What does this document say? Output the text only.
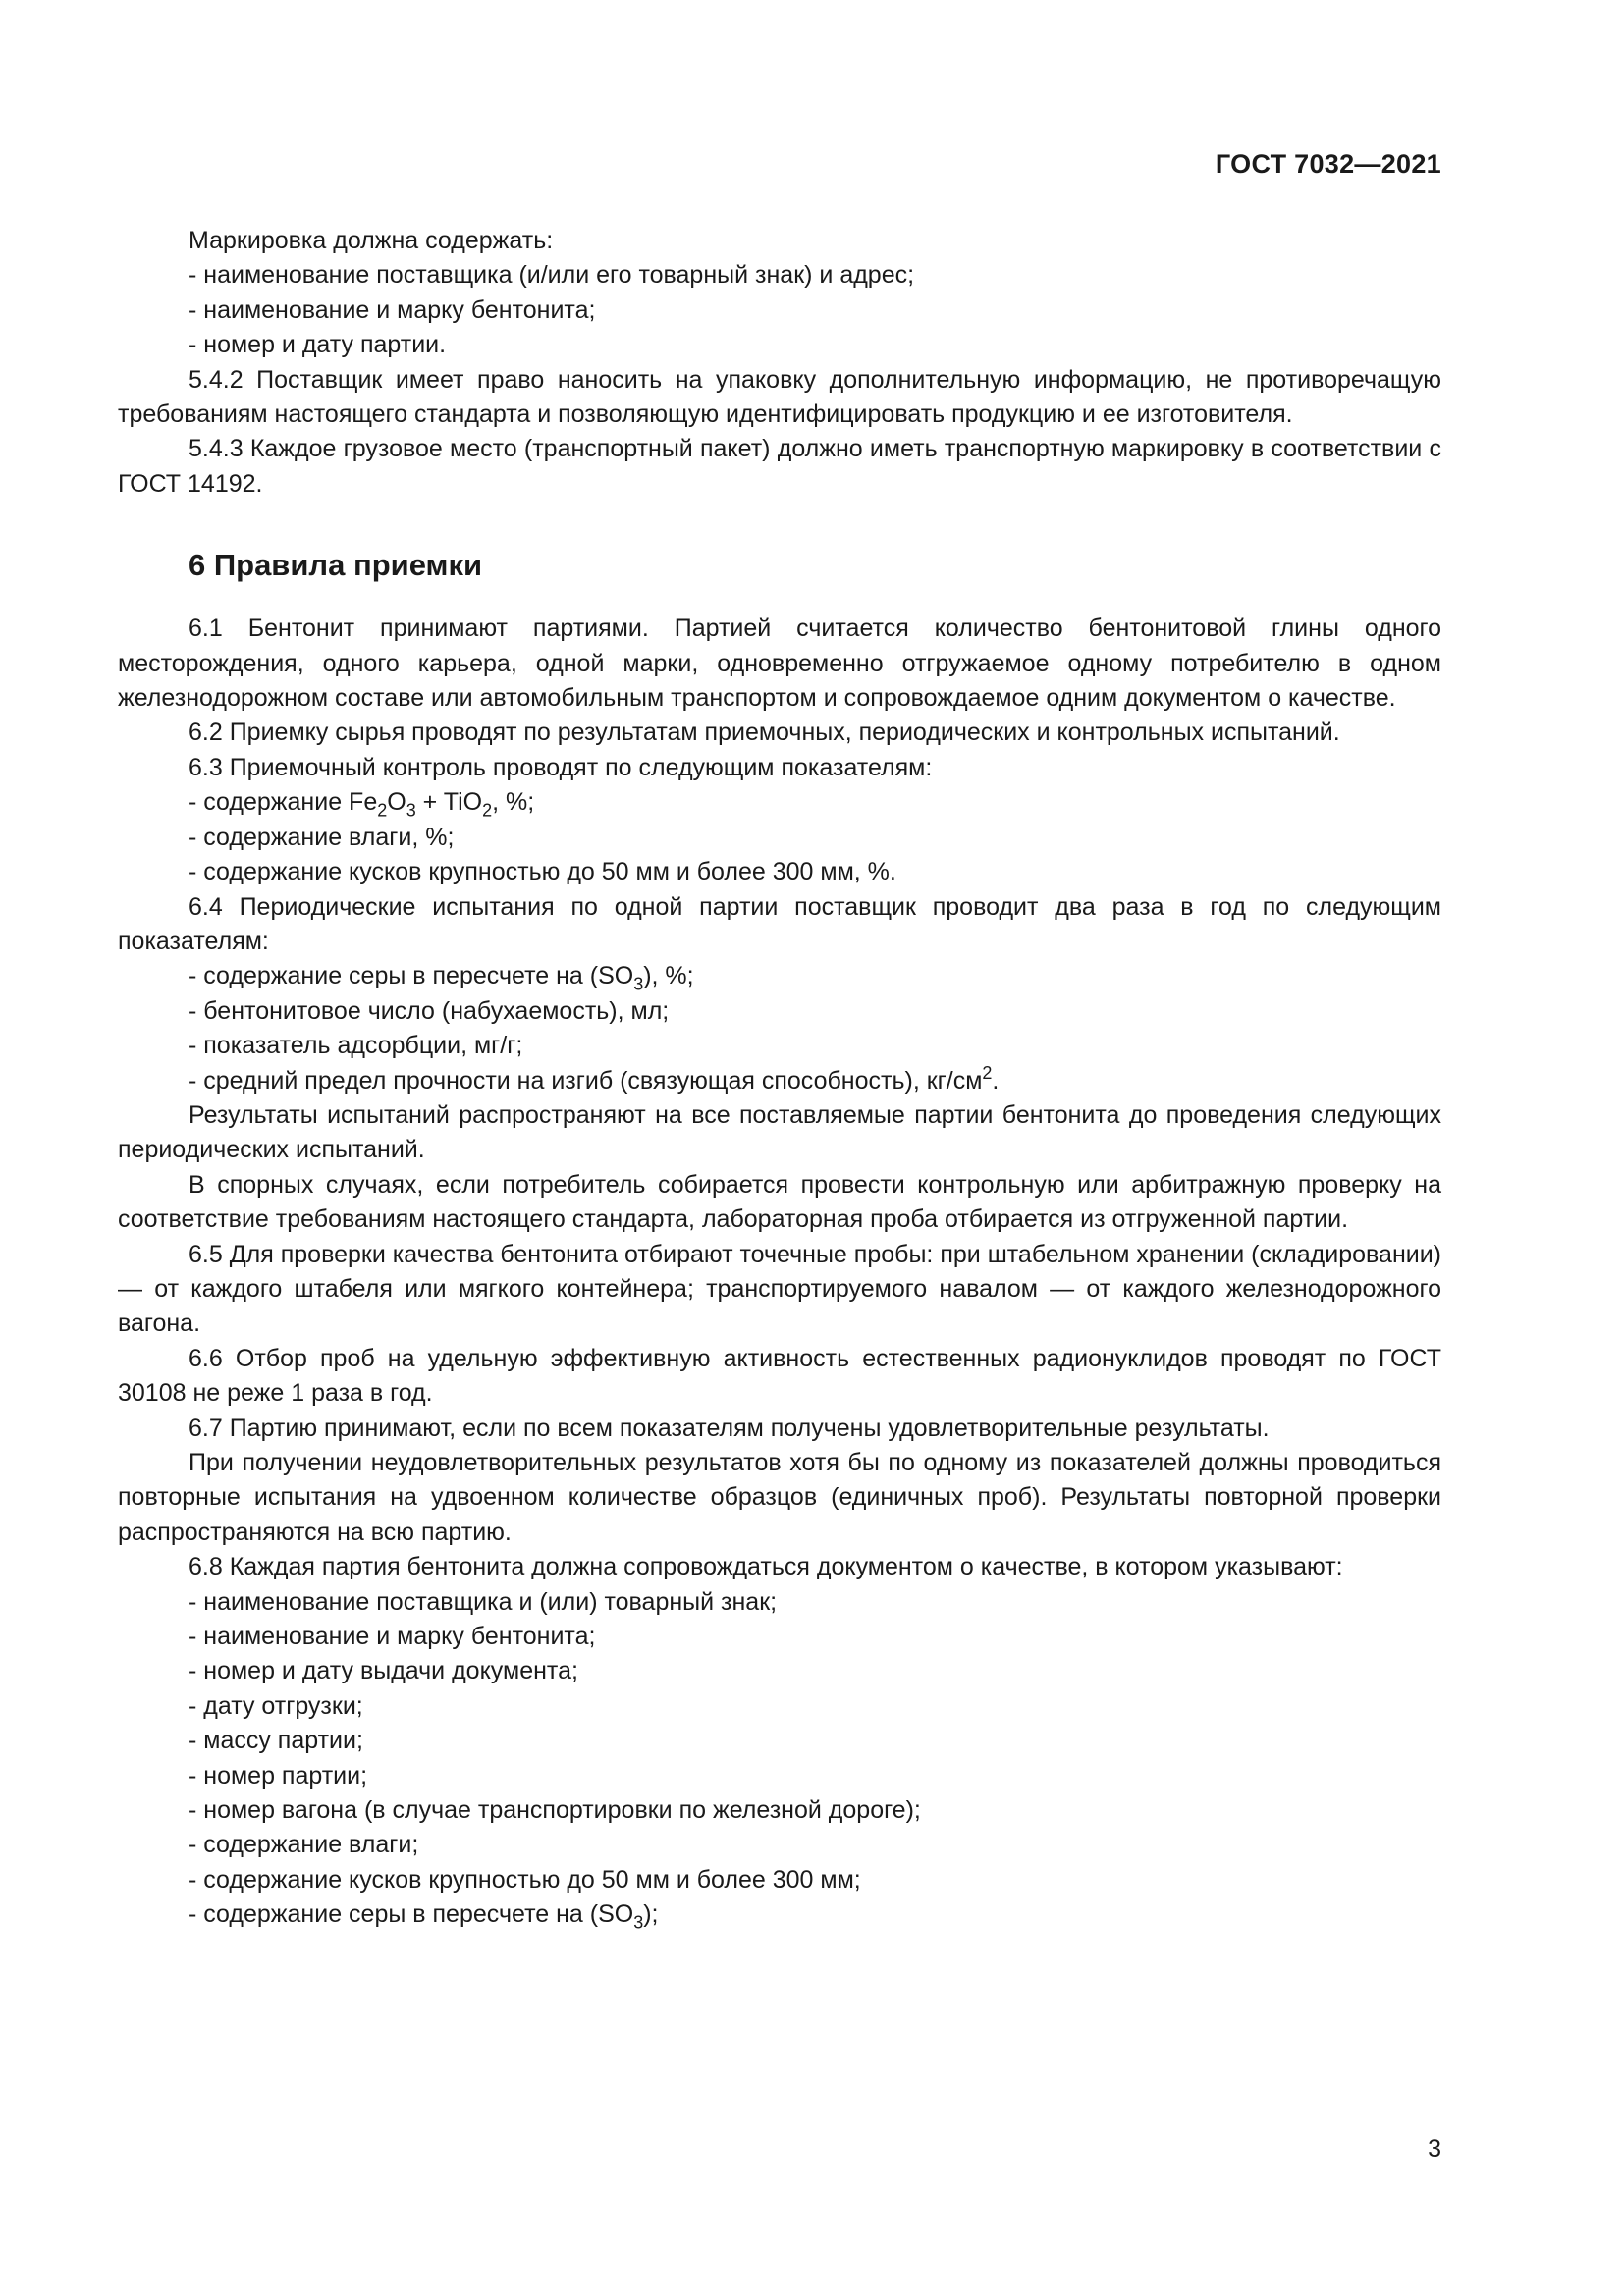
ГОСТ 7032—2021

Маркировка должна содержать:

- наименование поставщика (и/или его товарный знак) и адрес;

- наименование и марку бентонита;

- номер и дату партии.

5.4.2 Поставщик имеет право наносить на упаковку дополнительную информацию, не противоречащую требованиям настоящего стандарта и позволяющую идентифицировать продукцию и ее изготовителя.

5.4.3 Каждое грузовое место (транспортный пакет) должно иметь транспортную маркировку в соответствии с ГОСТ 14192.

6 Правила приемки

6.1 Бентонит принимают партиями. Партией считается количество бентонитовой глины одного месторождения, одного карьера, одной марки, одновременно отгружаемое одному потребителю в одном железнодорожном составе или автомобильным транспортом и сопровождаемое одним документом о качестве.

6.2 Приемку сырья проводят по результатам приемочных, периодических и контрольных испытаний.

6.3 Приемочный контроль проводят по следующим показателям:

- содержание $Fe_2O_3 + TiO_2$, %;

- содержание влаги, %;

- содержание кусков крупностью до 50 мм и более 300 мм, %.

6.4 Периодические испытания по одной партии поставщик проводит два раза в год по следующим показателям:

- содержание серы в пересчете на $(SO_3)$, %;

- бентонитовое число (набухаемость), мл;

- показатель адсорбции, мг/г;

- средний предел прочности на изгиб (связующая способность), $кг/см^2$.

Результаты испытаний распространяют на все поставляемые партии бентонита до проведения следующих периодических испытаний.

В спорных случаях, если потребитель собирается провести контрольную или арбитражную проверку на соответствие требованиям настоящего стандарта, лабораторная проба отбирается из отгруженной партии.

6.5 Для проверки качества бентонита отбирают точечные пробы: при штабельном хранении (складировании) — от каждого штабеля или мягкого контейнера; транспортируемого навалом — от каждого железнодорожного вагона.

6.6 Отбор проб на удельную эффективную активность естественных радионуклидов проводят по ГОСТ 30108 не реже 1 раза в год.

6.7 Партию принимают, если по всем показателям получены удовлетворительные результаты.

При получении неудовлетворительных результатов хотя бы по одному из показателей должны проводиться повторные испытания на удвоенном количестве образцов (единичных проб). Результаты повторной проверки распространяются на всю партию.

6.8 Каждая партия бентонита должна сопровождаться документом о качестве, в котором указывают:

- наименование поставщика и (или) товарный знак;

- наименование и марку бентонита;

- номер и дату выдачи документа;

- дату отгрузки;

- массу партии;

- номер партии;

- номер вагона (в случае транспортировки по железной дороге);

- содержание влаги;

- содержание кусков крупностью до 50 мм и более 300 мм;

- содержание серы в пересчете на $(SO_3)$;

3
